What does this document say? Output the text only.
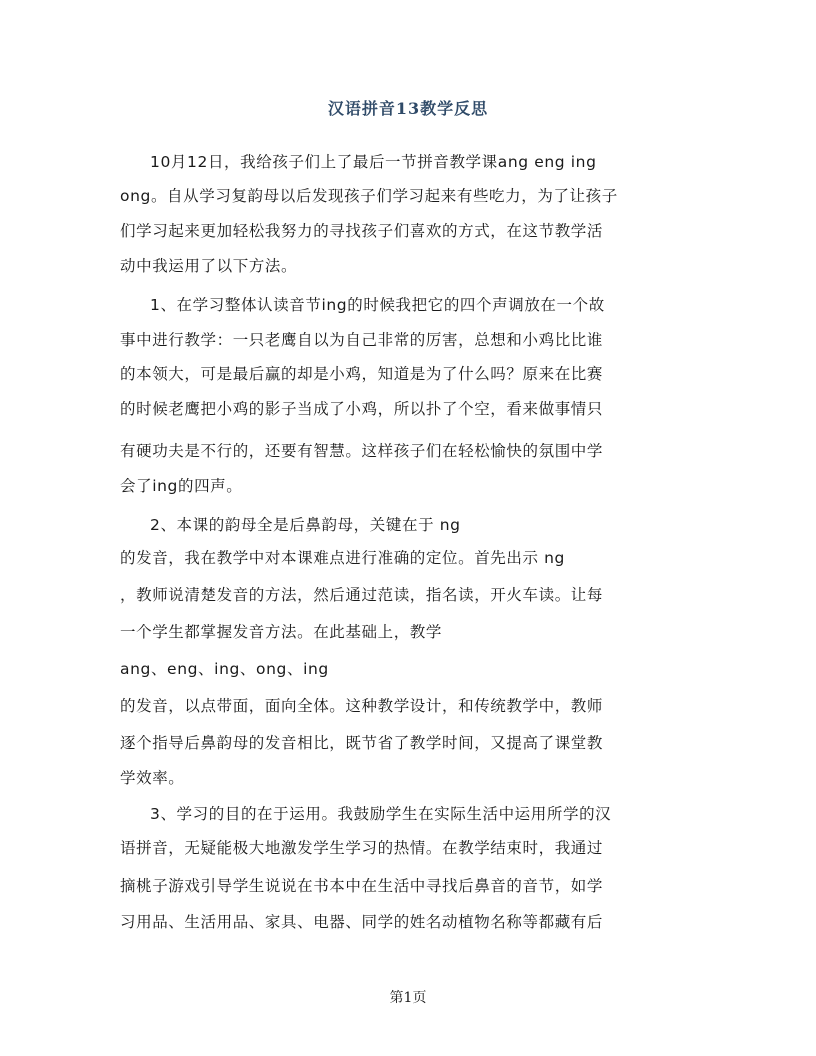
汉语拼音13教学反思
10月12日，我给孩子们上了最后一节拼音教学课ang eng ing
ong。自从学习复韵母以后发现孩子们学习起来有些吃力，为了让孩子
们学习起来更加轻松我努力的寻找孩子们喜欢的方式，在这节教学活
动中我运用了以下方法。
1、在学习整体认读音节ing的时候我把它的四个声调放在一个故
事中进行教学：一只老鹰自以为自己非常的厉害，总想和小鸡比比谁
的本领大，可是最后赢的却是小鸡，知道是为了什么吗？原来在比赛
的时候老鹰把小鸡的影子当成了小鸡，所以扑了个空，看来做事情只
有硬功夫是不行的，还要有智慧。这样孩子们在轻松愉快的氛围中学
会了ing的四声。
2、本课的韵母全是后鼻韵母，关键在于 ng
的发音，我在教学中对本课难点进行准确的定位。首先出示 ng
，教师说清楚发音的方法，然后通过范读，指名读，开火车读。让每
一个学生都掌握发音方法。在此基础上，教学
ang、eng、ing、ong、ing
的发音，以点带面，面向全体。这种教学设计，和传统教学中，教师
逐个指导后鼻韵母的发音相比，既节省了教学时间，又提高了课堂教
学效率。
3、学习的目的在于运用。我鼓励学生在实际生活中运用所学的汉
语拼音，无疑能极大地激发学生学习的热情。在教学结束时，我通过
摘桃子游戏引导学生说说在书本中在生活中寻找后鼻音的音节，如学
习用品、生活用品、家具、电器、同学的姓名动植物名称等都藏有后
第1页
